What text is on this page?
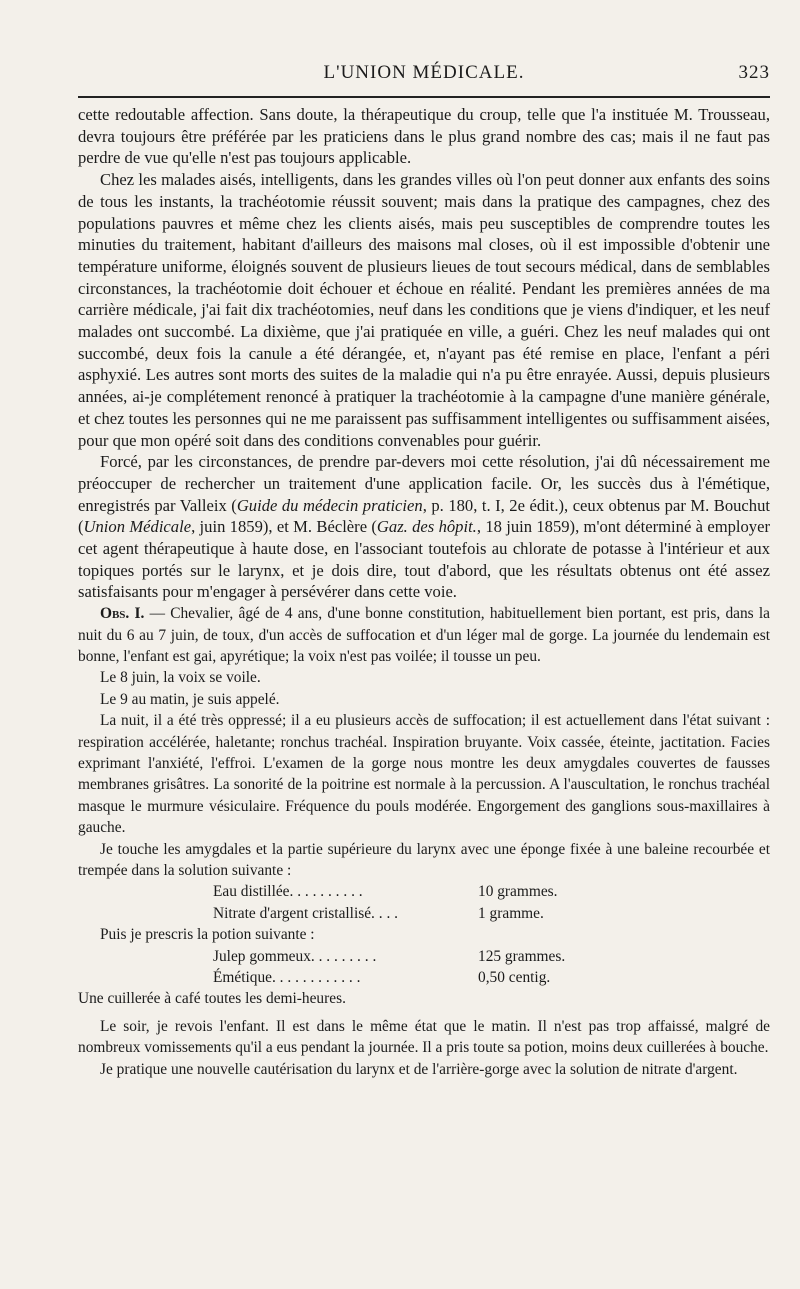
L'UNION MÉDICALE.	323

cette redoutable affection. Sans doute, la thérapeutique du croup, telle que l'a instituée M. Trousseau, devra toujours être préférée par les praticiens dans le plus grand nombre des cas; mais il ne faut pas perdre de vue qu'elle n'est pas toujours applicable.

Chez les malades aisés, intelligents, dans les grandes villes où l'on peut donner aux enfants des soins de tous les instants, la trachéotomie réussit souvent; mais dans la pratique des campagnes, chez des populations pauvres et même chez les clients aisés, mais peu susceptibles de comprendre toutes les minuties du traitement, habitant d'ailleurs des maisons mal closes, où il est impossible d'obtenir une température uniforme, éloignés souvent de plusieurs lieues de tout secours médical, dans de semblables circonstances, la trachéotomie doit échouer et échoue en réalité. Pendant les premières années de ma carrière médicale, j'ai fait dix trachéotomies, neuf dans les conditions que je viens d'indiquer, et les neuf malades ont succombé. La dixième, que j'ai pratiquée en ville, a guéri. Chez les neuf malades qui ont succombé, deux fois la canule a été dérangée, et, n'ayant pas été remise en place, l'enfant a péri asphyxié. Les autres sont morts des suites de la maladie qui n'a pu être enrayée. Aussi, depuis plusieurs années, ai-je complétement renoncé à pratiquer la trachéotomie à la campagne d'une manière générale, et chez toutes les personnes qui ne me paraissent pas suffisamment intelligentes ou suffisamment aisées, pour que mon opéré soit dans des conditions convenables pour guérir.

Forcé, par les circonstances, de prendre par-devers moi cette résolution, j'ai dû nécessairement me préoccuper de rechercher un traitement d'une application facile. Or, les succès dus à l'émétique, enregistrés par Valleix (Guide du médecin praticien, p. 180, t. I, 2e édit.), ceux obtenus par M. Bouchut (Union Médicale, juin 1859), et M. Béclère (Gaz. des hôpit., 18 juin 1859), m'ont déterminé à employer cet agent thérapeutique à haute dose, en l'associant toutefois au chlorate de potasse à l'intérieur et aux topiques portés sur le larynx, et je dois dire, tout d'abord, que les résultats obtenus ont été assez satisfaisants pour m'engager à persévérer dans cette voie.

Obs. I. — Chevalier, âgé de 4 ans, d'une bonne constitution, habituellement bien portant, est pris, dans la nuit du 6 au 7 juin, de toux, d'un accès de suffocation et d'un léger mal de gorge. La journée du lendemain est bonne, l'enfant est gai, apyrétique; la voix n'est pas voilée; il tousse un peu.

Le 8 juin, la voix se voile.

Le 9 au matin, je suis appelé.

La nuit, il a été très oppressé; il a eu plusieurs accès de suffocation; il est actuellement dans l'état suivant : respiration accélérée, haletante; ronchus trachéal. Inspiration bruyante. Voix cassée, éteinte, jactitation. Facies exprimant l'anxiété, l'effroi. L'examen de la gorge nous montre les deux amygdales couvertes de fausses membranes grisâtres. La sonorité de la poitrine est normale à la percussion. A l'auscultation, le ronchus trachéal masque le murmure vésiculaire. Fréquence du pouls modérée. Engorgement des ganglions sous-maxillaires à gauche.

Je touche les amygdales et la partie supérieure du larynx avec une éponge fixée à une baleine recourbée et trempée dans la solution suivante :

Eau distillée. . . . . . . . . .	10 grammes.
Nitrate d'argent cristallisé. . . .	1 gramme.

Puis je prescris la potion suivante :

Julep gommeux. . . . . . . . .	125 grammes.
Émétique. . . . . . . . . . . .	0,50 centig.

Une cuillerée à café toutes les demi-heures.

Le soir, je revois l'enfant. Il est dans le même état que le matin. Il n'est pas trop affaissé, malgré de nombreux vomissements qu'il a eus pendant la journée. Il a pris toute sa potion, moins deux cuillerées à bouche.

Je pratique une nouvelle cautérisation du larynx et de l'arrière-gorge avec la solution de nitrate d'argent.
